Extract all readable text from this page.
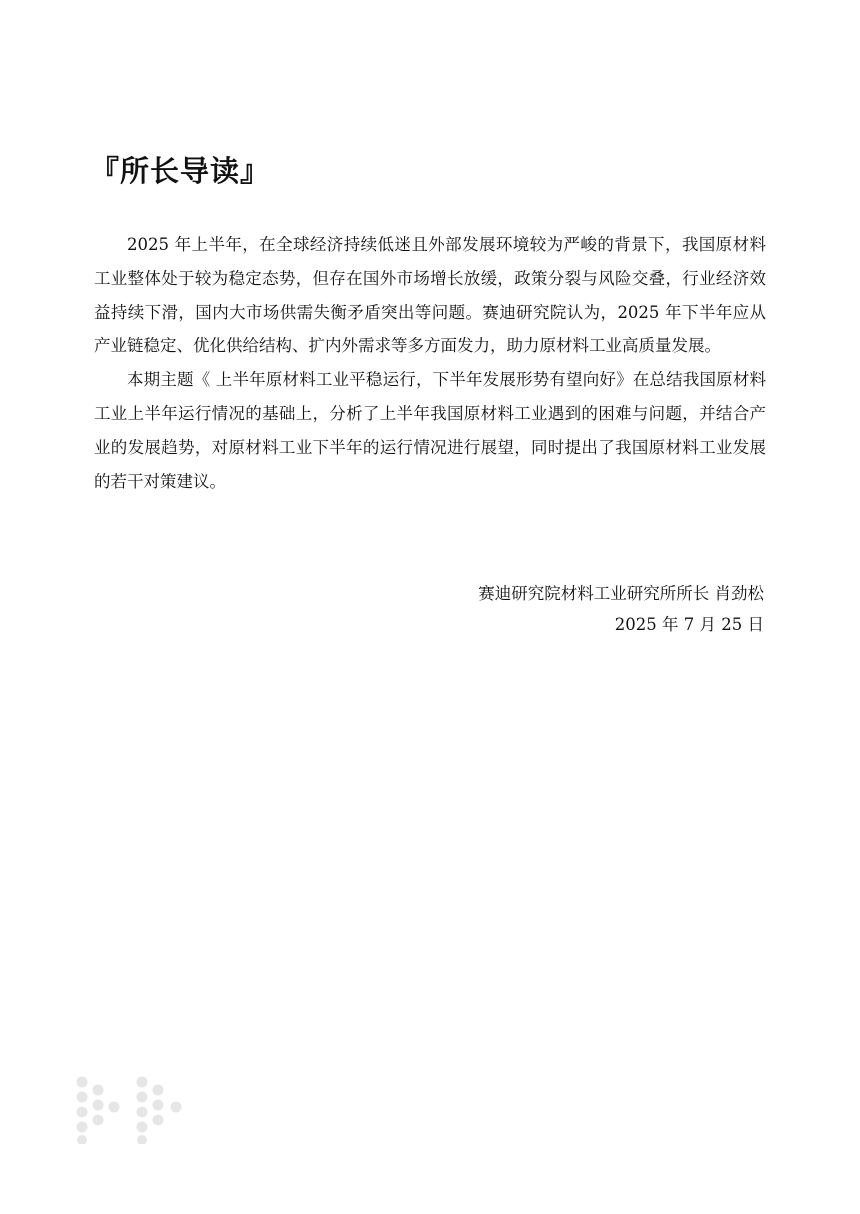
『所长导读』

2025 年上半年，在全球经济持续低迷且外部发展环境较为严峻的背景下，我国原材料工业整体处于较为稳定态势，但存在国外市场增长放缓，政策分裂与风险交叠，行业经济效益持续下滑，国内大市场供需失衡矛盾突出等问题。赛迪研究院认为，2025 年下半年应从产业链稳定、优化供给结构、扩内外需求等多方面发力，助力原材料工业高质量发展。

本期主题《 上半年原材料工业平稳运行，下半年发展形势有望向好》在总结我国原材料工业上半年运行情况的基础上，分析了上半年我国原材料工业遇到的困难与问题，并结合产业的发展趋势，对原材料工业下半年的运行情况进行展望，同时提出了我国原材料工业发展的若干对策建议。

赛迪研究院材料工业研究所所长 肖劲松
2025 年 7 月 25 日
